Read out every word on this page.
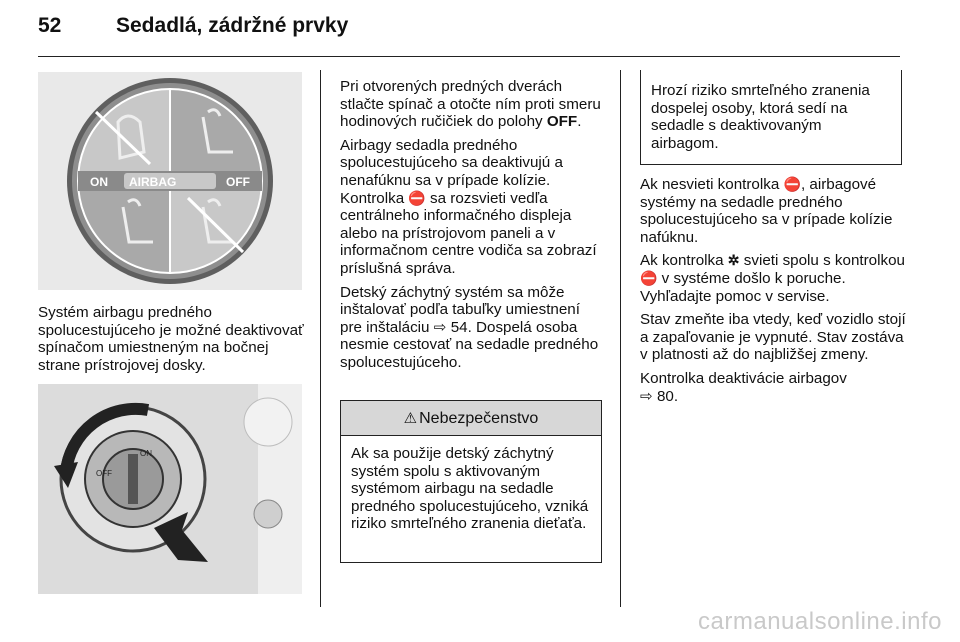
52	Sedadlá, zádržné prvky
ON AIRBAG	OFF

Systém airbagu predného spolucestujúceho je možné deaktivovať spínačom umiestneným na bočnej strane prístrojovej dosky.

ON
OFF

Pri otvorených predných dverách stlačte spínač a otočte ním proti smeru hodinových ručičiek do polohy OFF.

Airbagy sedadla predného spolucestujúceho sa deaktivujú a nenafúknu sa v prípade kolízie. Kontrolka ⛔ sa rozsvieti vedľa centrálneho informačného displeja alebo na prístrojovom paneli a v informačnom centre vodiča sa zobrazí príslušná správa.

Detský záchytný systém sa môže inštalovať podľa tabuľky umiestnení pre inštaláciu ⇨ 54. Dospelá osoba nesmie cestovať na sedadle predného spolucestujúceho.

⚠ Nebezpečenstvo
Ak sa použije detský záchytný systém spolu s aktivovaným systémom airbagu na sedadle predného spolucestujúceho, vzniká riziko smrteľného zranenia dieťaťa.
Hrozí riziko smrteľného zranenia dospelej osoby, ktorá sedí na sedadle s deaktivovaným airbagom.

Ak nesvieti kontrolka ⛔, airbagové systémy na sedadle predného spolucestujúceho sa v prípade kolízie nafúknu.

Ak kontrolka ✲ svieti spolu s kontrolkou ⛔ v systéme došlo k poruche. Vyhľadajte pomoc v servise.

Stav zmeňte iba vtedy, keď vozidlo stojí a zapaľovanie je vypnuté. Stav zostáva v platnosti až do najbližšej zmeny.

Kontrolka deaktivácie airbagov
⇨ 80.

carmanualsonline.info
